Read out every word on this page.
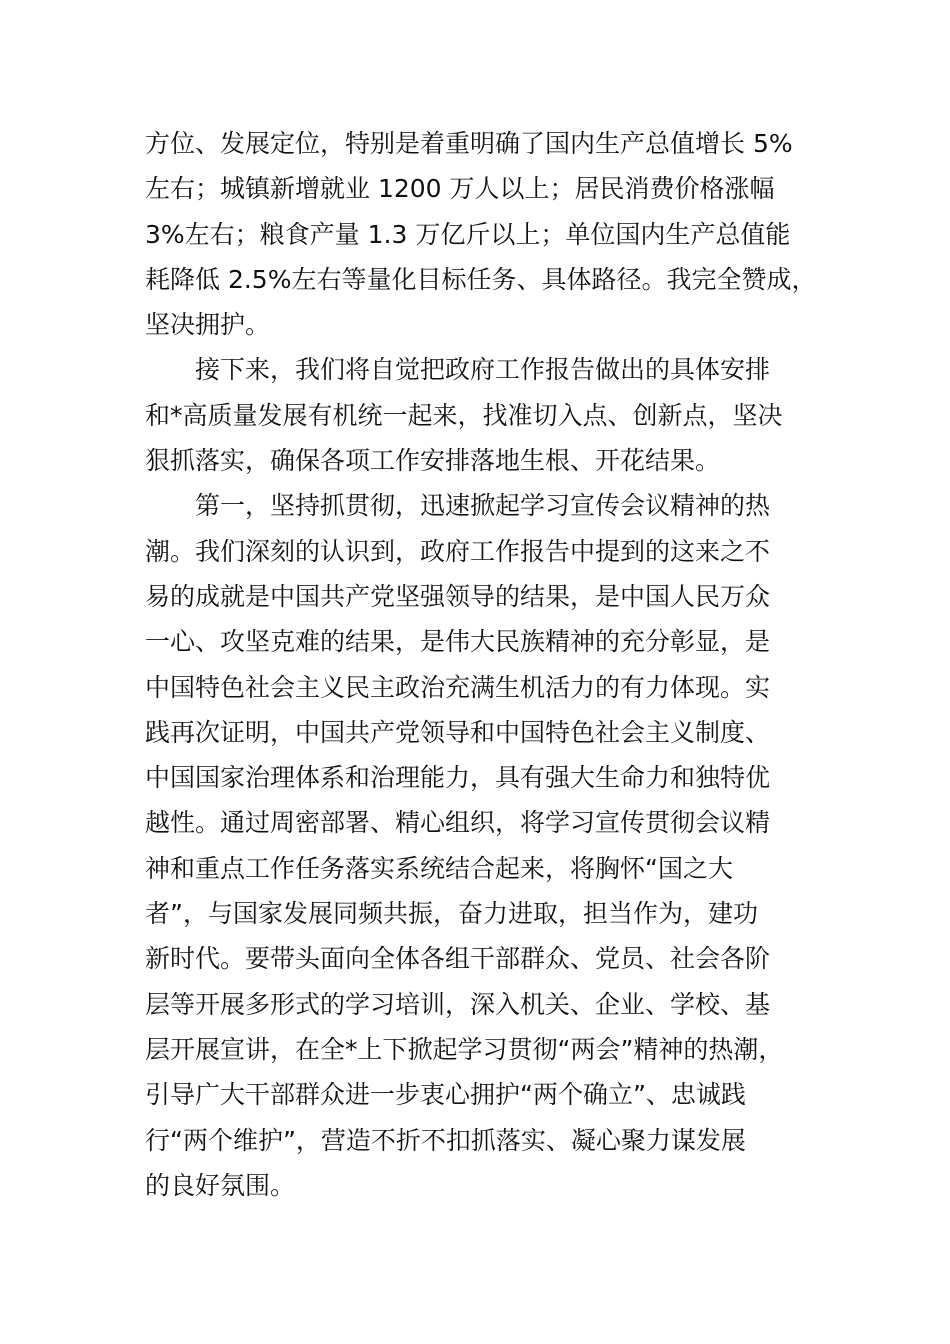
方位、发展定位，特别是着重明确了国内生产总值增长 5%
左右；城镇新增就业 1200 万人以上；居民消费价格涨幅
3%左右；粮食产量 1.3 万亿斤以上；单位国内生产总值能
耗降低 2.5%左右等量化目标任务、具体路径。我完全赞成，
坚决拥护。
接下来，我们将自觉把政府工作报告做出的具体安排
和*高质量发展有机统一起来，找准切入点、创新点，坚决
狠抓落实，确保各项工作安排落地生根、开花结果。
第一，坚持抓贯彻，迅速掀起学习宣传会议精神的热
潮。我们深刻的认识到，政府工作报告中提到的这来之不
易的成就是中国共产党坚强领导的结果，是中国人民万众
一心、攻坚克难的结果，是伟大民族精神的充分彰显，是
中国特色社会主义民主政治充满生机活力的有力体现。实
践再次证明，中国共产党领导和中国特色社会主义制度、
中国国家治理体系和治理能力，具有强大生命力和独特优
越性。通过周密部署、精心组织，将学习宣传贯彻会议精
神和重点工作任务落实系统结合起来，将胸怀“国之大
者”，与国家发展同频共振，奋力进取，担当作为，建功
新时代。要带头面向全体各组干部群众、党员、社会各阶
层等开展多形式的学习培训，深入机关、企业、学校、基
层开展宣讲，在全*上下掀起学习贯彻“两会”精神的热潮，
引导广大干部群众进一步衷心拥护“两个确立”、忠诚践
行“两个维护”，营造不折不扣抓落实、凝心聚力谋发展
的良好氛围。
